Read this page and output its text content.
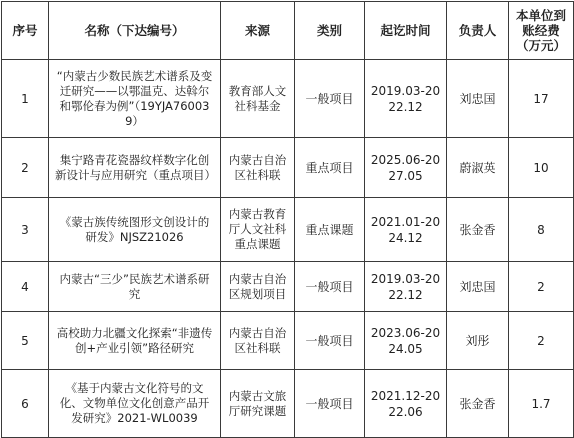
序号	名称（下达编号）	来源	类别	起讫时间	负责人	本单位到
账经费
（万元）

1	“内蒙古少数民族艺术谱系及变迁研究——以鄂温克、达斡尔和鄂伦春为例”（19YJA760039）	教育部人文社科基金	一般项目	2019.03-2022.12	刘忠国	17
2	集宁路青花瓷器纹样数字化创新设计与应用研究（重点项目）	内蒙古自治区社科联	重点项目	2025.06-2027.05	蔚淑英	10
3	《蒙古族传统图形文创设计的研发》NJSZ21026	内蒙古教育厅人文社科重点课题	重点课题	2021.01-2024.12	张金香	8
4	内蒙古“三少”民族艺术谱系研究	内蒙古自治区规划项目	一般项目	2019.03-2022.12	刘忠国	2
5	高校助力北疆文化探索“非遗传 创+产业引领”路径研究	内蒙古自治区社科联	一般项目	2023.06-2024.05	刘彤	2
6	《基于内蒙古文化符号的文化、文物单位文化创意产品开发研究》2021-WL0039	内蒙古文旅厅研究课题	一般项目	2021.12-2022.06	张金香	1.7
